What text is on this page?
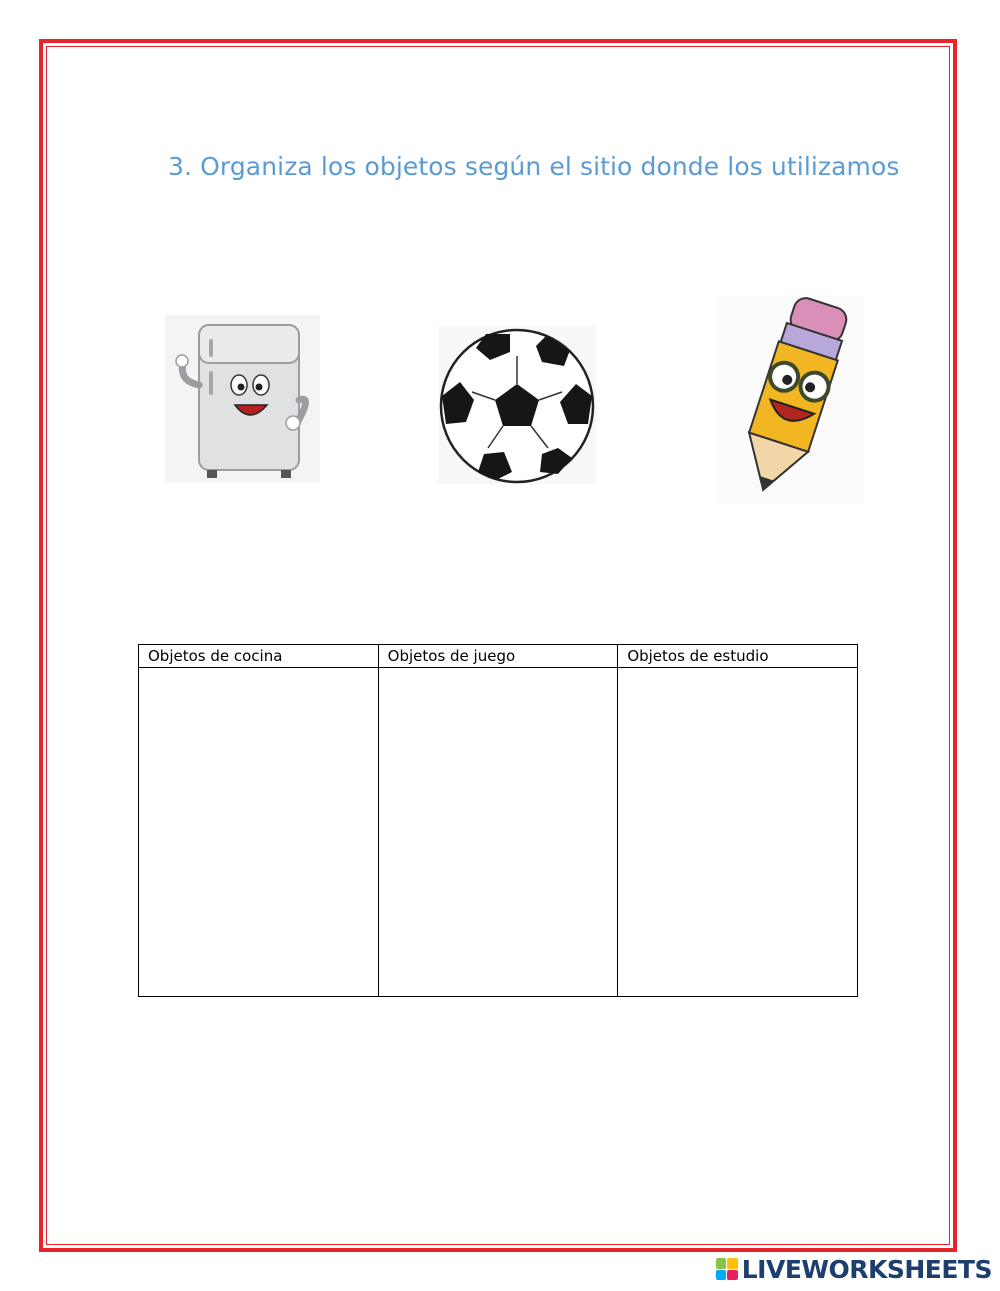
3. Organiza los objetos según el sitio donde los utilizamos
Objetos de cocina	Objetos de juego	Objetos de estudio

LIVEWORKSHEETS
